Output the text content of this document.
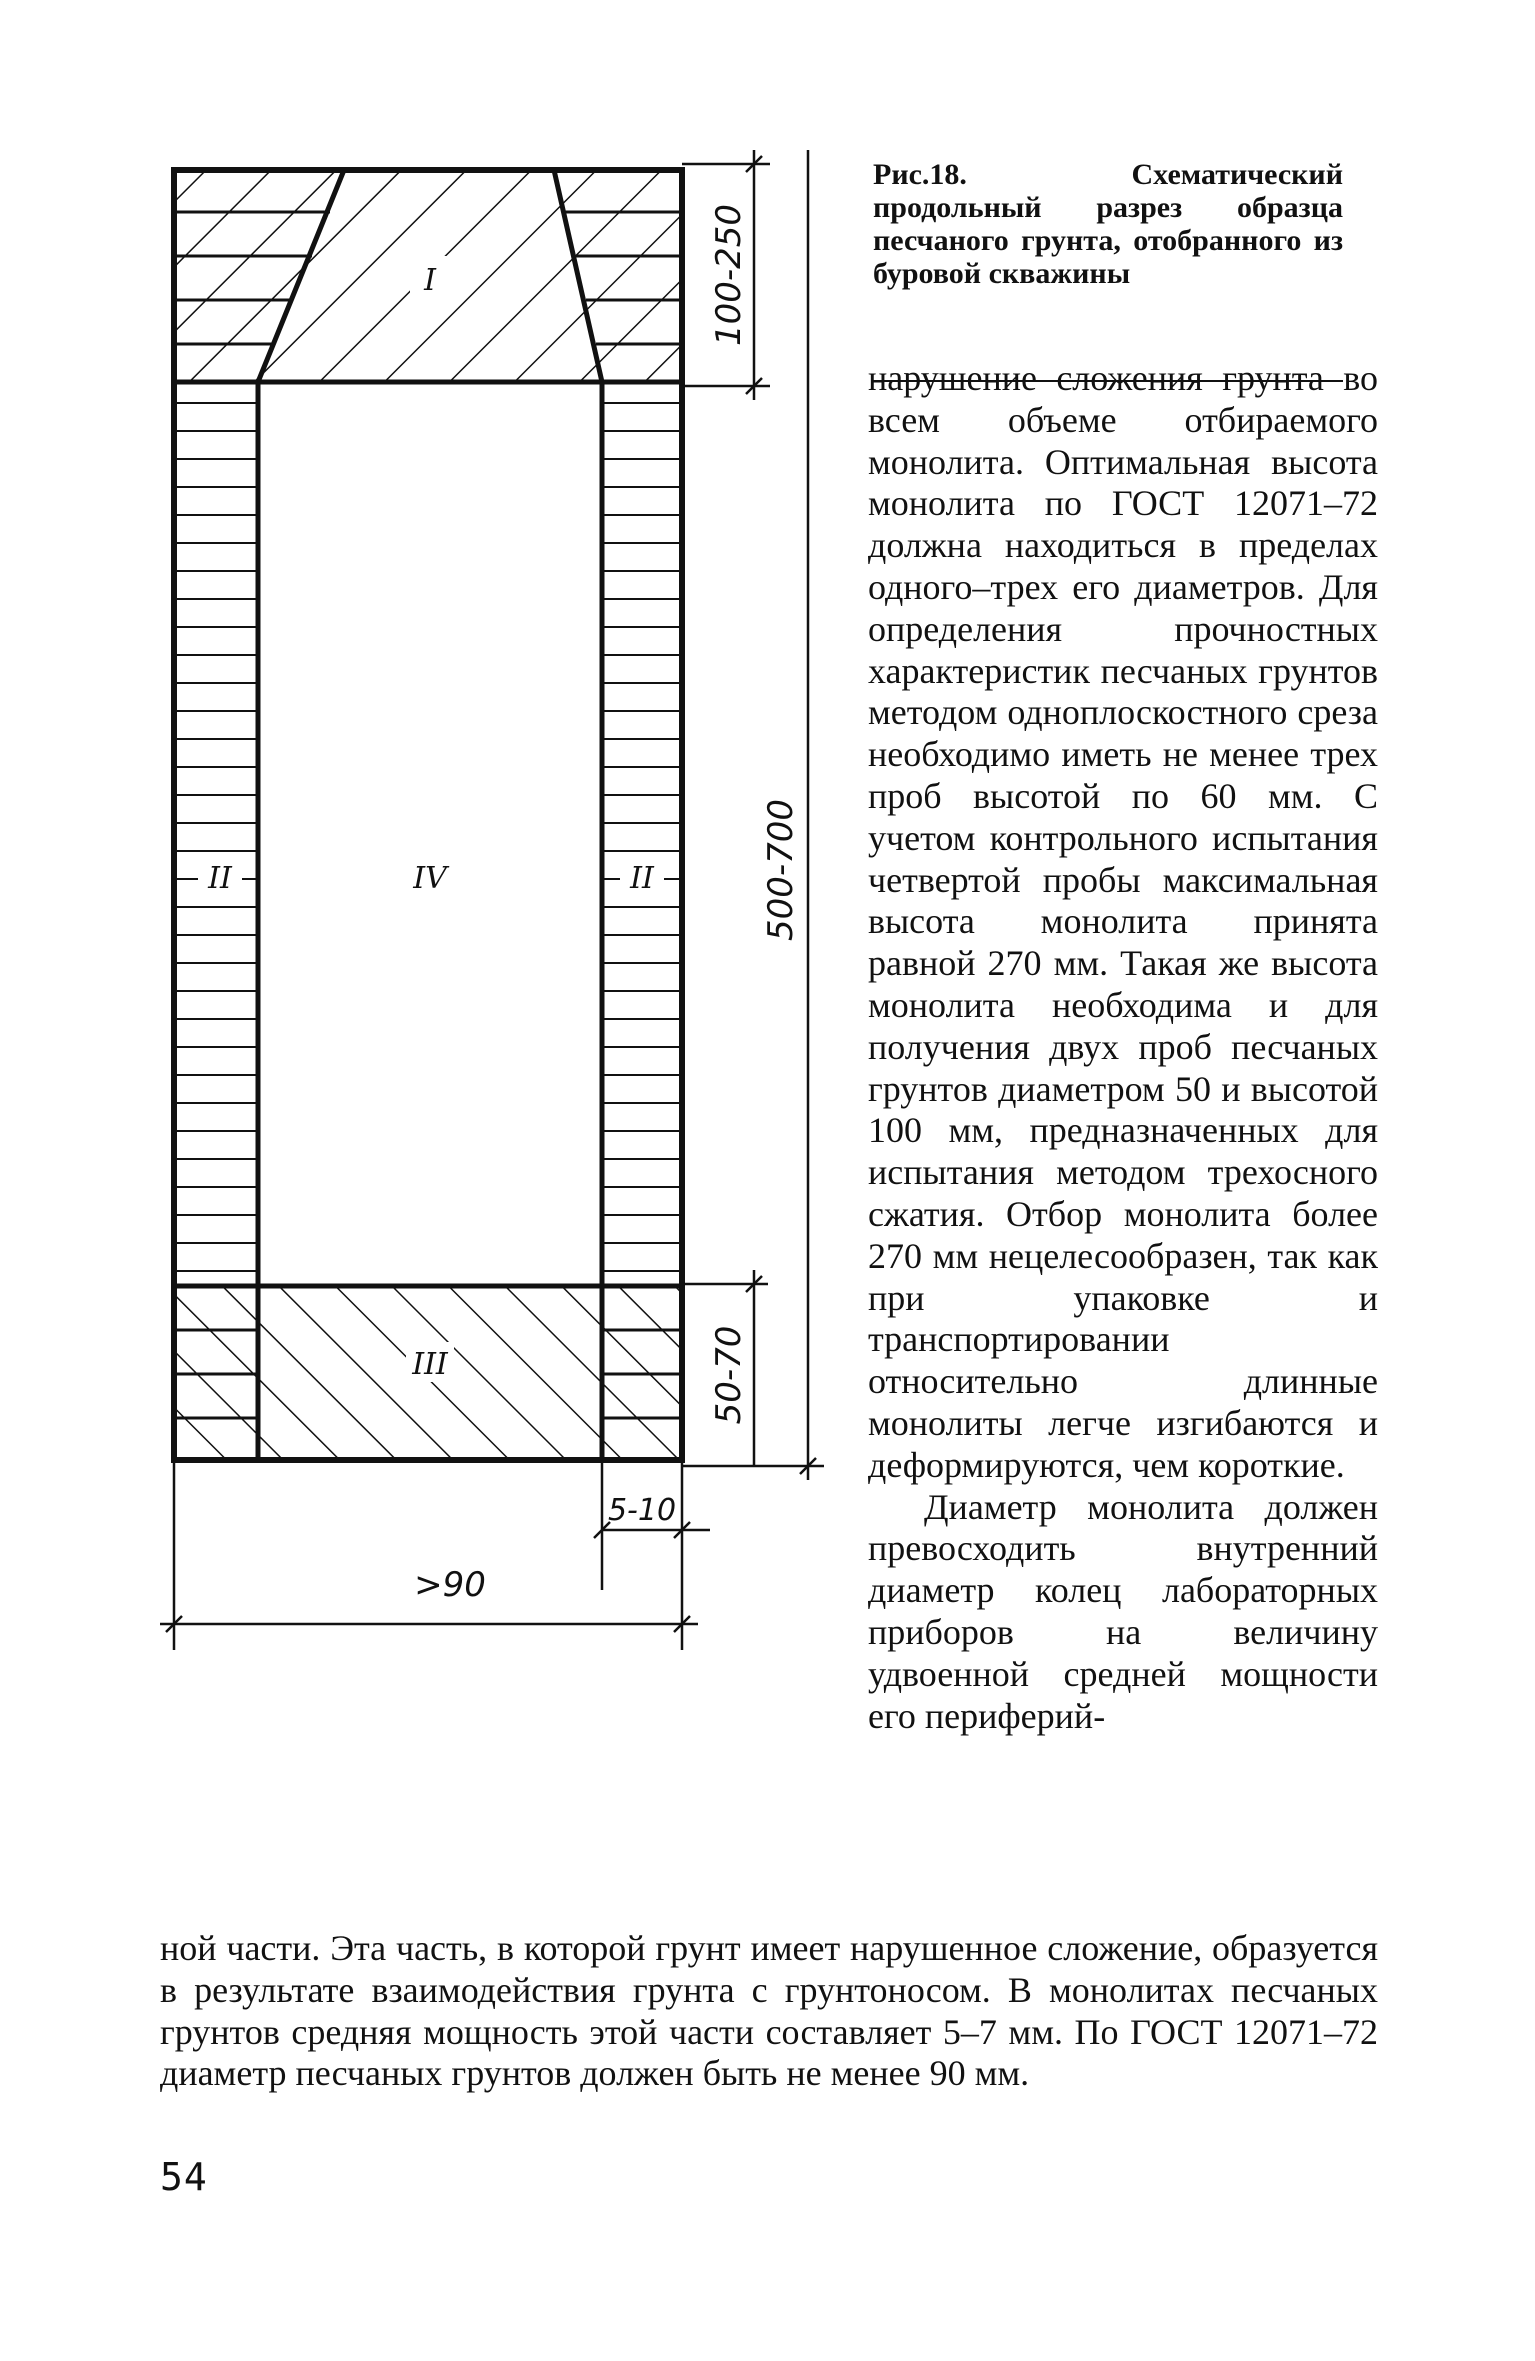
I
II	II
IV
III
100-250
500-700
50-70
5-10
>90
Рис.18. Схематический продольный разрез образца песчаного грунта, отобранного из буровой скважины

нарушение сложения грунта во всем объеме отбираемого монолита. Оптимальная высота монолита по ГОСТ 12071–72 должна находиться в пределах одного–трех его диаметров. Для определения прочностных характеристик песчаных грунтов методом одноплоскостного среза необходимо иметь не менее трех проб высотой по 60 мм. С учетом контрольного испытания четвертой пробы максимальная высота монолита принята равной 270 мм. Такая же высота монолита необходима и для получения двух проб песчаных грунтов диаметром 50 и высотой 100 мм, предназначенных для испытания методом трехосного сжатия. Отбор монолита более 270 мм нецелесообразен, так как при упаковке и транспортировании относительно длинные монолиты легче изгибаются и деформируются, чем короткие.

Диаметр монолита должен превосходить внутренний диаметр колец лабораторных приборов на величину удвоенной средней мощности его периферий-

ной части. Эта часть, в которой грунт имеет нарушенное сложение, образуется в результате взаимодействия грунта с грунтоносом. В монолитах песчаных грунтов средняя мощность этой части составляет 5–7 мм. По ГОСТ 12071–72 диаметр песчаных грунтов должен быть не менее 90 мм.
54
